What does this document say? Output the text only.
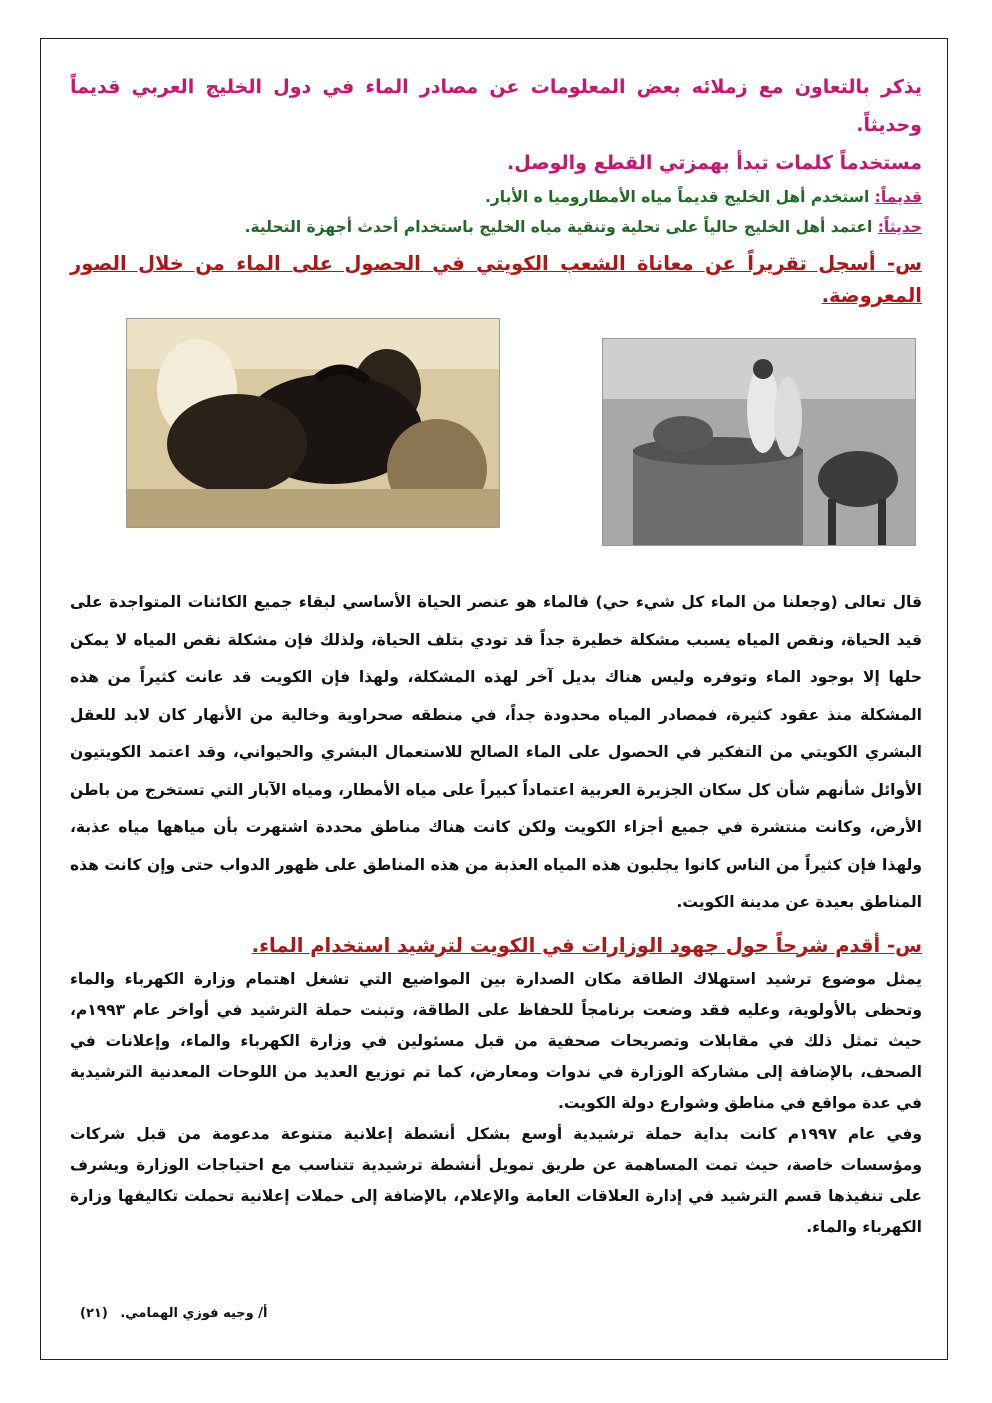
يذكر بالتعاون مع زملائه بعض المعلومات عن مصادر الماء في دول الخليج العربي قديماً وحديثاً.

مستخدماً كلمات تبدأ بهمزتي القطع والوصل.

قديماً: استخدم أهل الخليج قديماً مياه الأمطاروميا ه الأبار.

حديثاً: اعتمد أهل الخليج حالياً على تحلية وتنقية مياه الخليج باستخدام أحدث أجهزة التحلية.

س- أسجل تقريراً عن معاناة الشعب الكويتي في الحصول على الماء من خلال الصور المعروضة.

قال تعالى (وجعلنا من الماء كل شيء حي) فالماء هو عنصر الحياة الأساسي لبقاء جميع الكائنات المتواجدة على قيد الحياة، ونقص المياه يسبب مشكلة خطيرة جداً قد تودي بتلف الحياة، ولذلك فإن مشكلة نقص المياه لا يمكن حلها إلا بوجود الماء وتوفره وليس هناك بديل آخر لهذه المشكلة، ولهذا فإن الكويت قد عانت كثيراً من هذه المشكلة منذ عقود كثيرة، فمصادر المياه محدودة جداً، في منطقه صحراوية وخالية من الأنهار كان لابد للعقل البشري الكويتي من التفكير في الحصول على الماء الصالح للاستعمال البشري والحيواني، وقد اعتمد الكويتيون الأوائل شأنهم شأن كل سكان الجزيرة العربية اعتماداً كبيراً على مياه الأمطار، ومياه الآبار التي تستخرج من باطن الأرض، وكانت منتشرة في جميع أجزاء الكويت ولكن كانت هناك مناطق محددة اشتهرت بأن مياهها مياه عذبة، ولهذا فإن كثيراً من الناس كانوا يجلبون هذه المياه العذبة من هذه المناطق على ظهور الدواب حتى وإن كانت هذه المناطق بعيدة عن مدينة الكويت.

س- أقدم شرحاً حول جهود الوزارات في الكويت لترشيد استخدام الماء.

يمثل موضوع ترشيد استهلاك الطاقة مكان الصدارة بين المواضيع التي تشغل اهتمام وزارة الكهرباء والماء وتحظى بالأولوية، وعليه فقد وضعت برنامجاً للحفاظ على الطاقة، وتبنت حملة الترشيد في أواخر عام ١٩٩٣م، حيث تمثل ذلك في مقابلات وتصريحات صحفية من قبل مسئولين في وزارة الكهرباء والماء، وإعلانات في الصحف، بالإضافة إلى مشاركة الوزارة في ندوات ومعارض، كما تم توزيع العديد من اللوحات المعدنية الترشيدية في عدة مواقع في مناطق وشوارع دولة الكويت.

وفي عام ١٩٩٧م كانت بداية حملة ترشيدية أوسع بشكل أنشطة إعلانية متنوعة مدعومة من قبل شركات ومؤسسات خاصة، حيث تمت المساهمة عن طريق تمويل أنشطة ترشيدية تتناسب مع احتياجات الوزارة ويشرف على تنفيذها قسم الترشيد في إدارة العلاقات العامة والإعلام، بالإضافة إلى حملات إعلانية تحملت تكاليفها وزارة الكهرباء والماء.

أ/ وجيه فوزي الهمامي. (٢١)
